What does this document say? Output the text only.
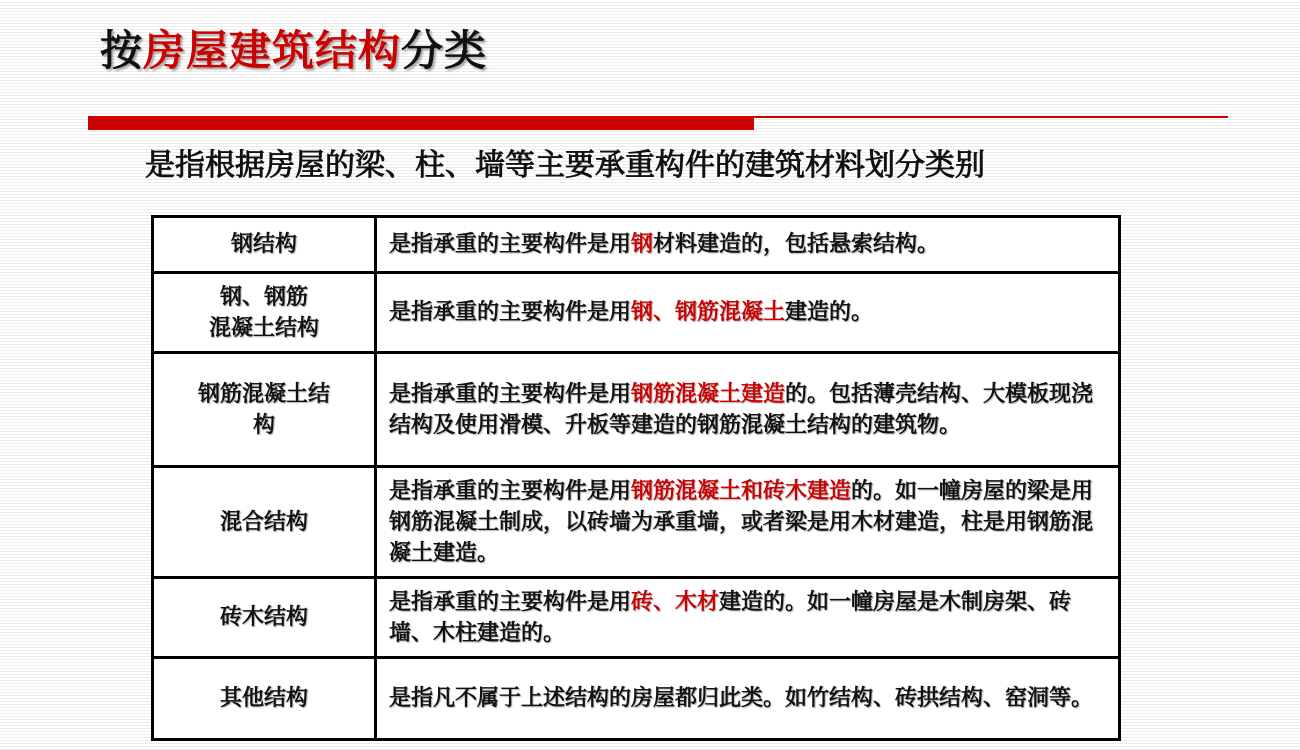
按房屋建筑结构分类
是指根据房屋的梁、柱、墙等主要承重构件的建筑材料划分类别
钢结构	是指承重的主要构件是用钢材料建造的，包括悬索结构。
钢、钢筋
混凝土结构	是指承重的主要构件是用钢、钢筋混凝土建造的。
钢筋混凝土结
构	是指承重的主要构件是用钢筋混凝土建造的。包括薄壳结构、大模板现浇结构及使用滑模、升板等建造的钢筋混凝土结构的建筑物。
混合结构	是指承重的主要构件是用钢筋混凝土和砖木建造的。如一幢房屋的梁是用钢筋混凝土制成，以砖墙为承重墙，或者梁是用木材建造，柱是用钢筋混凝土建造。
砖木结构	是指承重的主要构件是用砖、木材建造的。如一幢房屋是木制房架、砖墙、木柱建造的。
其他结构	是指凡不属于上述结构的房屋都归此类。如竹结构、砖拱结构、窑洞等。
